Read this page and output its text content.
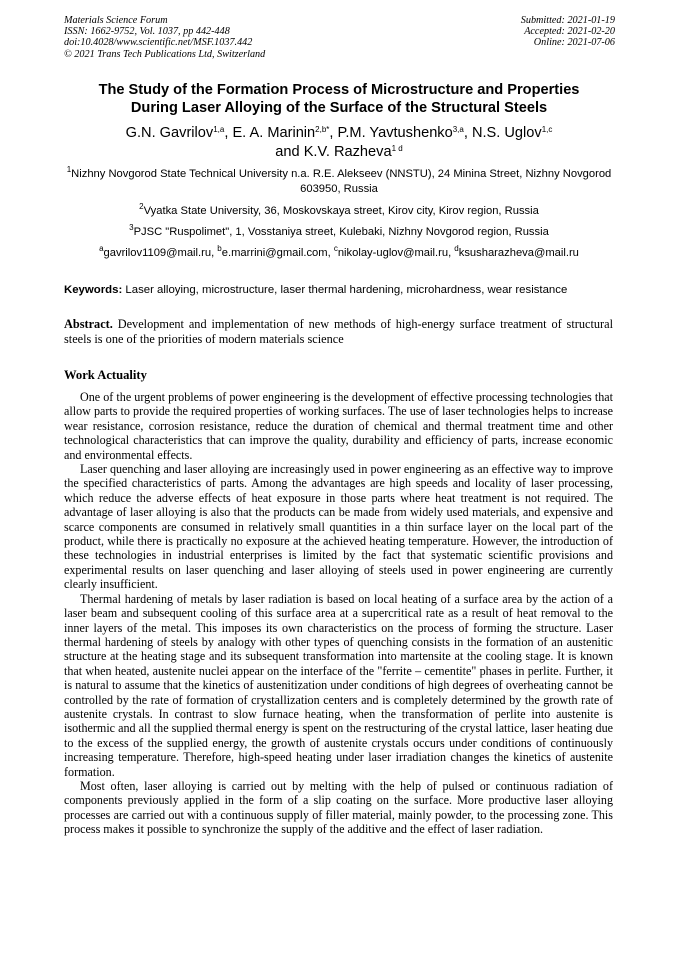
Materials Science Forum
ISSN: 1662-9752, Vol. 1037, pp 442-448
doi:10.4028/www.scientific.net/MSF.1037.442
© 2021 Trans Tech Publications Ltd, Switzerland
Submitted: 2021-01-19
Accepted: 2021-02-20
Online: 2021-07-06
The Study of the Formation Process of Microstructure and Properties
During Laser Alloying of the Surface of the Structural Steels
G.N. Gavrilov$^{1,a}$, E. A. Marinin$^{2,b*}$, P.M. Yavtushenko$^{3,a}$, N.S. Uglov$^{1,c}$
and K.V. Razheva$^{1 d}$
$^1$Nizhny Novgorod State Technical University n.a. R.E. Alekseev (NNSTU), 24 Minina Street, Nizhny Novgorod 603950, Russia
$^2$Vyatka State University, 36, Moskovskaya street, Kirov city, Kirov region, Russia
$^3$PJSC "Ruspolimet", 1, Vosstaniya street, Kulebaki, Nizhny Novgorod region, Russia
$^a$gavrilov1109@mail.ru, $^b$e.marrini@gmail.com, $^c$nikolay-uglov@mail.ru, $^d$ksusharazheva@mail.ru
Keywords: Laser alloying, microstructure, laser thermal hardening, microhardness, wear resistance
Abstract. Development and implementation of new methods of high-energy surface treatment of structural steels is one of the priorities of modern materials science
Work Actuality

One of the urgent problems of power engineering is the development of effective processing technologies that allow parts to provide the required properties of working surfaces. The use of laser technologies helps to increase wear resistance, corrosion resistance, reduce the duration of chemical and thermal treatment time and other technological characteristics that can improve the quality, durability and efficiency of parts, increase economic and environmental effects.

Laser quenching and laser alloying are increasingly used in power engineering as an effective way to improve the specified characteristics of parts. Among the advantages are high speeds and locality of laser processing, which reduce the adverse effects of heat exposure in those parts where heat treatment is not required. The advantage of laser alloying is also that the products can be made from widely used materials, and expensive and scarce components are consumed in relatively small quantities in a thin surface layer on the local part of the product, while there is practically no exposure at the achieved heating temperature. However, the introduction of these technologies in industrial enterprises is limited by the fact that systematic scientific provisions and experimental results on laser quenching and laser alloying of steels used in power engineering are currently clearly insufficient.

Thermal hardening of metals by laser radiation is based on local heating of a surface area by the action of a laser beam and subsequent cooling of this surface area at a supercritical rate as a result of heat removal to the inner layers of the metal. This imposes its own characteristics on the process of forming the structure. Laser thermal hardening of steels by analogy with other types of quenching consists in the formation of an austenitic structure at the heating stage and its subsequent transformation into martensite at the cooling stage. It is known that when heated, austenite nuclei appear on the interface of the "ferrite – cementite" phases in perlite. Further, it is natural to assume that the kinetics of austenitization under conditions of high degrees of overheating cannot be controlled by the rate of formation of crystallization centers and is completely determined by the growth rate of austenite crystals. In contrast to slow furnace heating, when the transformation of perlite into austenite is isothermic and all the supplied thermal energy is spent on the restructuring of the crystal lattice, laser heating due to the excess of the supplied energy, the growth of austenite crystals occurs under conditions of continuously increasing temperature. Therefore, high-speed heating under laser irradiation changes the kinetics of austenite formation.

Most often, laser alloying is carried out by melting with the help of pulsed or continuous radiation of components previously applied in the form of a slip coating on the surface. More productive laser alloying processes are carried out with a continuous supply of filler material, mainly powder, to the processing zone. This process makes it possible to synchronize the supply of the additive and the effect of laser radiation.
